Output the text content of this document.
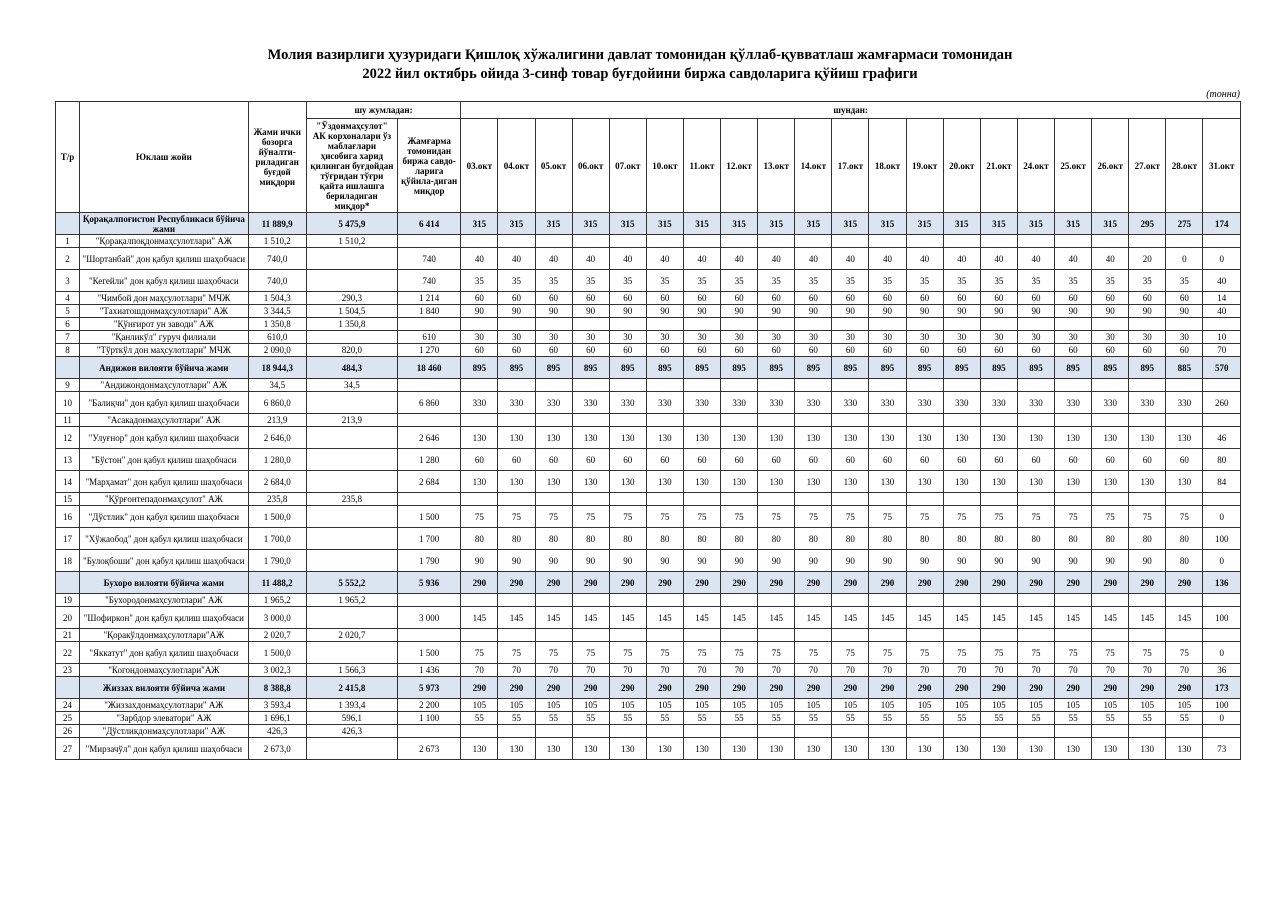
Молия вазирлиги ҳузуридаги Қишлоқ хўжалигини давлат томонидан қўллаб-қувватлаш жамғармаси томонидан
2022 йил октябрь ойида 3-синф товар буғдойини биржа савдоларига қўйиш графиги
(тонна)
Т/р	Юклаш жойи	Жами ички бозорга йўналти-риладиган буғдой миқдори	шу жумладан:		шундан:																				
			"Ўздонмаҳсулот" АК корхоналари ўз маблағлари ҳисобига харид қилинган буғдойдан тўғридан тўғри қайта ишлашга бериладиган миқдор*	Жамғарма томонидан биржа савдо-ларига қўйила-диган миқдор	03.окт	04.окт	05.окт	06.окт	07.окт	10.окт	11.окт	12.окт	13.окт	14.окт	17.окт	18.окт	19.окт	20.окт	21.окт	24.окт	25.окт	26.окт	27.окт	28.окт	31.окт
	Қорақалпоғистон Республикаси бўйича жами	11 889,9	5 475,9	6 414	315	315	315	315	315	315	315	315	315	315	315	315	315	315	315	315	315	315	295	275	174
1	"Қорақалпоқдонмаҳсулотлари" АЖ	1 510,2	1 510,2																						
2	"Шортанбай" дон қабул қилиш шаҳобчаси	740,0		740	40	40	40	40	40	40	40	40	40	40	40	40	40	40	40	40	40	40	20	0	0
3	"Кегейли" дон қабул қилиш шаҳобчаси	740,0		740	35	35	35	35	35	35	35	35	35	35	35	35	35	35	35	35	35	35	35	35	40
4	"Чимбой дон маҳсулотлари" МЧЖ	1 504,3	290,3	1 214	60	60	60	60	60	60	60	60	60	60	60	60	60	60	60	60	60	60	60	60	14
5	"Тахиатошдонмаҳсулотлари" АЖ	3 344,5	1 504,5	1 840	90	90	90	90	90	90	90	90	90	90	90	90	90	90	90	90	90	90	90	90	40
6	"Қўнғирот ун заводи" АЖ	1 350,8	1 350,8																						
7	"Қанликўл" гуруч филиали	610,0		610	30	30	30	30	30	30	30	30	30	30	30	30	30	30	30	30	30	30	30	30	10
8	"Тўрткўл дон маҳсулотлари" МЧЖ	2 090,0	820,0	1 270	60	60	60	60	60	60	60	60	60	60	60	60	60	60	60	60	60	60	60	60	70
	Андижон вилояти бўйича жами	18 944,3	484,3	18 460	895	895	895	895	895	895	895	895	895	895	895	895	895	895	895	895	895	895	895	885	570
9	"Андижондонмаҳсулотлари" АЖ	34,5	34,5																						
10	"Балиқчи" дон қабул қилиш шаҳобчаси	6 860,0		6 860	330	330	330	330	330	330	330	330	330	330	330	330	330	330	330	330	330	330	330	330	260
11	"Асакадонмаҳсулотлари" АЖ	213,9	213,9																						
12	"Улуғнор" дон қабул қилиш шаҳобчаси	2 646,0		2 646	130	130	130	130	130	130	130	130	130	130	130	130	130	130	130	130	130	130	130	130	46
13	"Бўстон" дон қабул қилиш шаҳобчаси	1 280,0		1 280	60	60	60	60	60	60	60	60	60	60	60	60	60	60	60	60	60	60	60	60	80
14	"Марҳамат" дон қабул қилиш шаҳобчаси	2 684,0		2 684	130	130	130	130	130	130	130	130	130	130	130	130	130	130	130	130	130	130	130	130	84
15	"Қўрғонтепадонмаҳсулот" АЖ	235,8	235,8																						
16	"Дўстлик" дон қабул қилиш шаҳобчаси	1 500,0		1 500	75	75	75	75	75	75	75	75	75	75	75	75	75	75	75	75	75	75	75	75	0
17	"Хўжаобод" дон қабул қилиш шаҳобчаси	1 700,0		1 700	80	80	80	80	80	80	80	80	80	80	80	80	80	80	80	80	80	80	80	80	100
18	"Булоқбоши" дон қабул қилиш шаҳобчаси	1 790,0		1 790	90	90	90	90	90	90	90	90	90	90	90	90	90	90	90	90	90	90	90	80	0
	Бухоро вилояти бўйича жами	11 488,2	5 552,2	5 936	290	290	290	290	290	290	290	290	290	290	290	290	290	290	290	290	290	290	290	290	136
19	"Бухородонмаҳсулотлари" АЖ	1 965,2	1 965,2																						
20	"Шофиркон" дон қабул қилиш шаҳобчаси	3 000,0		3 000	145	145	145	145	145	145	145	145	145	145	145	145	145	145	145	145	145	145	145	145	100
21	"Қоракўлдонмаҳсулотлари"АЖ	2 020,7	2 020,7																						
22	"Яккатут" дон қабул қилиш шаҳобчаси	1 500,0		1 500	75	75	75	75	75	75	75	75	75	75	75	75	75	75	75	75	75	75	75	75	0
23	"Когондонмаҳсулотлари"АЖ	3 002,3	1 566,3	1 436	70	70	70	70	70	70	70	70	70	70	70	70	70	70	70	70	70	70	70	70	36
	Жиззах вилояти бўйича жами	8 388,8	2 415,8	5 973	290	290	290	290	290	290	290	290	290	290	290	290	290	290	290	290	290	290	290	290	173
24	"Жиззахдонмаҳсулотлари" АЖ	3 593,4	1 393,4	2 200	105	105	105	105	105	105	105	105	105	105	105	105	105	105	105	105	105	105	105	105	100
25	"Зарбдор элеватори" АЖ	1 696,1	596,1	1 100	55	55	55	55	55	55	55	55	55	55	55	55	55	55	55	55	55	55	55	55	0
26	"Дўстликдонмаҳсулотлари" АЖ	426,3	426,3																						
27	"Мирзачўл" дон қабул қилиш шаҳобчаси	2 673,0		2 673	130	130	130	130	130	130	130	130	130	130	130	130	130	130	130	130	130	130	130	130	73
